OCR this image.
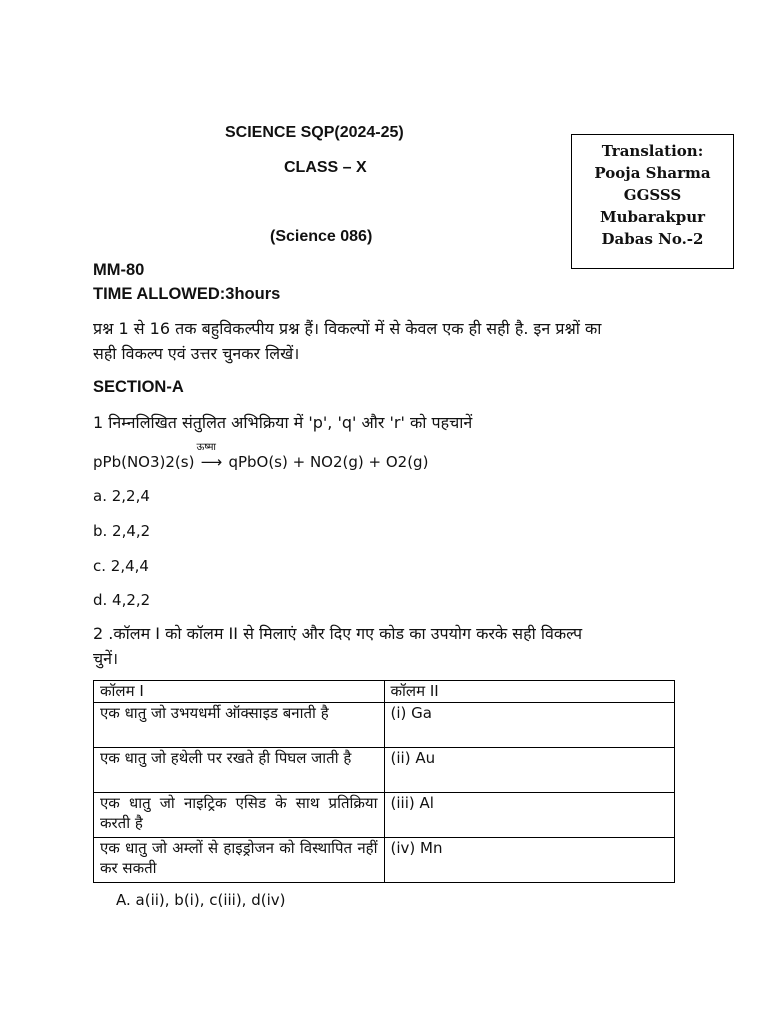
SCIENCE SQP(2024-25)
CLASS – X
(Science 086)
Translation:
Pooja Sharma
GGSSS
Mubarakpur
Dabas No.-2
MM-80
TIME ALLOWED:3hours
प्रश्न 1 से 16 तक बहुविकल्पीय प्रश्न हैं। विकल्पों में से केवल एक ही सही है. इन प्रश्नों का
सही विकल्प एवं उत्तर चुनकर लिखें।
SECTION-A
1 निम्नलिखित संतुलित अभिक्रिया में 'p', 'q' और 'r' को पहचानें
pPb(NO3)2(s)
ऊष्मा
⟶ qPbO(s) + NO2(g) + O2(g)
a. 2,2,4
b. 2,4,2
c. 2,4,4
d. 4,2,2
2 .कॉलम I को कॉलम II से मिलाएं और दिए गए कोड का उपयोग करके सही विकल्प
चुनें।
कॉलम I	कॉलम II
एक धातु जो उभयधर्मी ऑक्साइड बनाती है	(i) Ga
एक धातु जो हथेली पर रखते ही पिघल जाती है	(ii) Au
एक धातु जो नाइट्रिक एसिड के साथ प्रतिक्रिया करती है	(iii) Al
एक धातु जो अम्लों से हाइड्रोजन को विस्थापित नहीं कर सकती	(iv) Mn
A. a(ii), b(i), c(iii), d(iv)
